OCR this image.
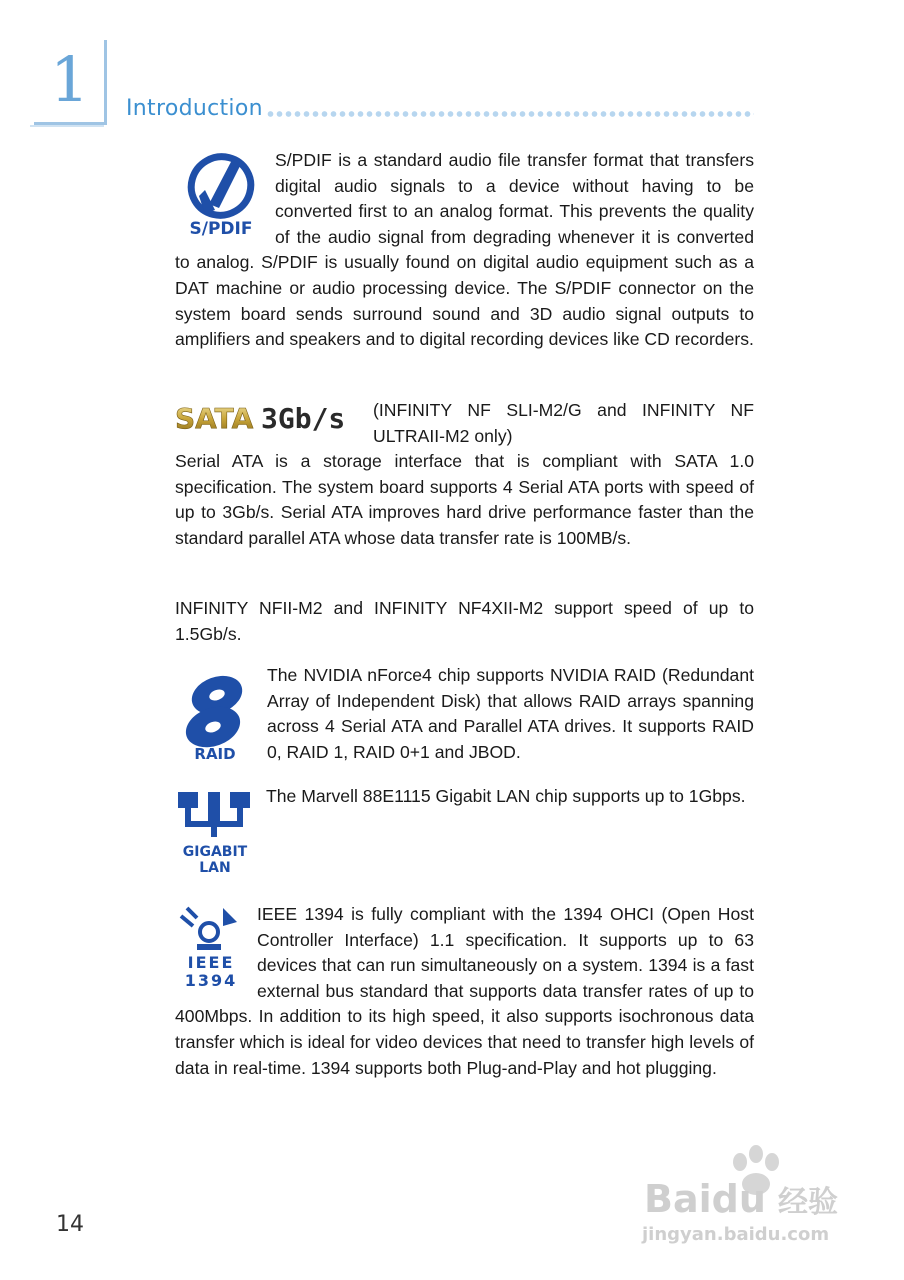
1 Introduction
S/PDIF
S/PDIF is a standard audio file transfer format that transfers digital audio signals to a device without having to be converted first to an analog format. This prevents the quality of the audio signal from degrading whenever it is converted to analog. S/PDIF is usually found on digital audio equipment such as a DAT machine or audio processing device. The S/PDIF connector on the system board sends surround sound and 3D audio signal outputs to amplifiers and speakers and to digital recording devices like CD recorders.
SATA 3Gb/s (INFINITY NF SLI-M2/G and INFINITY NF ULTRAII-M2 only)
Serial ATA is a storage interface that is compliant with SATA 1.0 specification. The system board supports 4 Serial ATA ports with speed of up to 3Gb/s. Serial ATA improves hard drive performance faster than the standard parallel ATA whose data transfer rate is 100MB/s.
INFINITY NFII-M2 and INFINITY NF4XII-M2 support speed of up to 1.5Gb/s.
RAID
The NVIDIA nForce4 chip supports NVIDIA RAID (Redundant Array of Independent Disk) that allows RAID arrays spanning across 4 Serial ATA and Parallel ATA drives. It supports RAID 0, RAID 1, RAID 0+1 and JBOD.
GIGABIT
LAN
The Marvell 88E1115 Gigabit LAN chip supports up to 1Gbps.
IEEE
1394
IEEE 1394 is fully compliant with the 1394 OHCI (Open Host Controller Interface) 1.1 specification. It supports up to 63 devices that can run simultaneously on a system. 1394 is a fast external bus standard that supports data transfer rates of up to 400Mbps. In addition to its high speed, it also supports isochronous data transfer which is ideal for video devices that need to transfer high levels of data in real-time. 1394 supports both Plug-and-Play and hot plugging.
14
Baidu 经验
jingyan.baidu.com
